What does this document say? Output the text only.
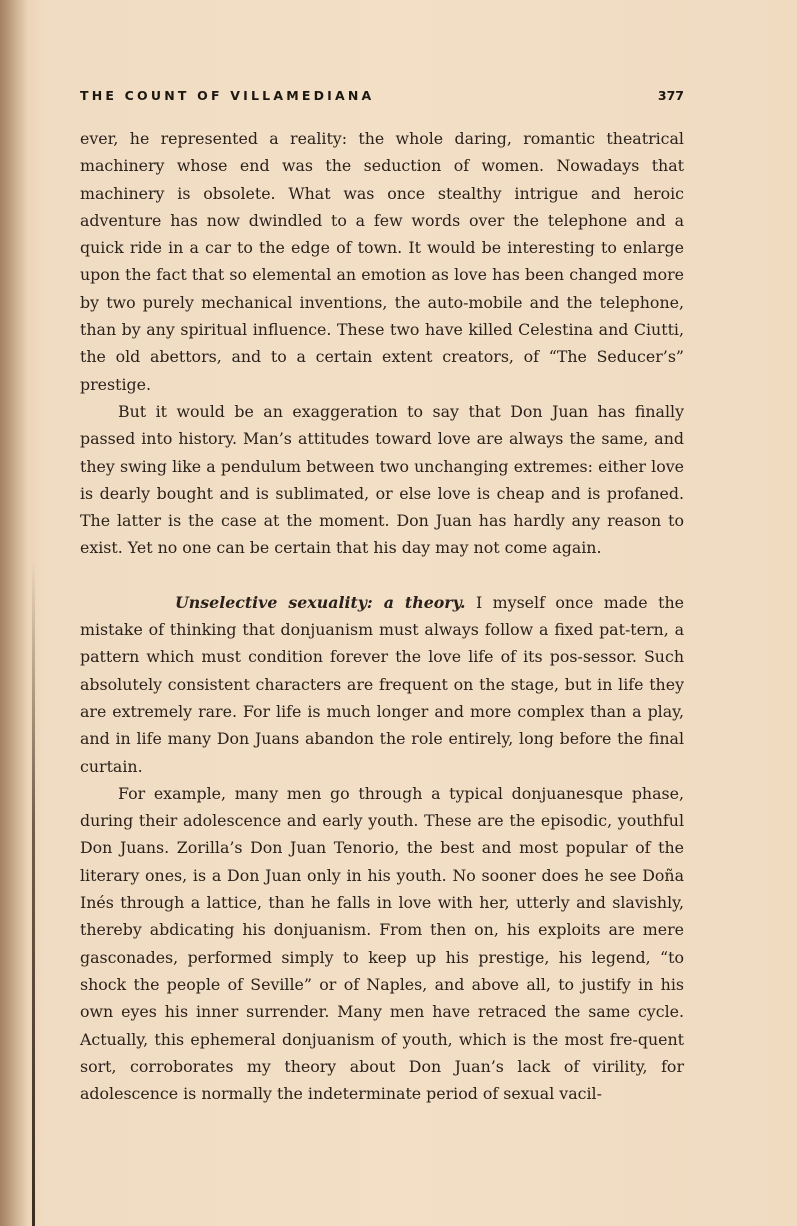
THE COUNT OF VILLAMEDIANA	377

ever, he represented a reality: the whole daring, romantic theatrical machinery whose end was the seduction of women. Nowadays that machinery is obsolete. What was once stealthy intrigue and heroic adventure has now dwindled to a few words over the telephone and a quick ride in a car to the edge of town. It would be interesting to enlarge upon the fact that so elemental an emotion as love has been changed more by two purely mechanical inventions, the auto-mobile and the telephone, than by any spiritual influence. These two have killed Celestina and Ciutti, the old abettors, and to a certain extent creators, of “The Seducer’s” prestige.

But it would be an exaggeration to say that Don Juan has finally passed into history. Man’s attitudes toward love are always the same, and they swing like a pendulum between two unchanging extremes: either love is dearly bought and is sublimated, or else love is cheap and is profaned. The latter is the case at the moment. Don Juan has hardly any reason to exist. Yet no one can be certain that his day may not come again.

Unselective sexuality: a theory. I myself once made the mistake of thinking that donjuanism must always follow a fixed pat-tern, a pattern which must condition forever the love life of its pos-sessor. Such absolutely consistent characters are frequent on the stage, but in life they are extremely rare. For life is much longer and more complex than a play, and in life many Don Juans abandon the role entirely, long before the final curtain.

For example, many men go through a typical donjuanesque phase, during their adolescence and early youth. These are the episodic, youthful Don Juans. Zorilla’s Don Juan Tenorio, the best and most popular of the literary ones, is a Don Juan only in his youth. No sooner does he see Doña Inés through a lattice, than he falls in love with her, utterly and slavishly, thereby abdicating his donjuanism. From then on, his exploits are mere gasconades, performed simply to keep up his prestige, his legend, “to shock the people of Seville” or of Naples, and above all, to justify in his own eyes his inner surrender. Many men have retraced the same cycle. Actually, this ephemeral donjuanism of youth, which is the most fre-quent sort, corroborates my theory about Don Juan’s lack of virility, for adolescence is normally the indeterminate period of sexual vacil-
